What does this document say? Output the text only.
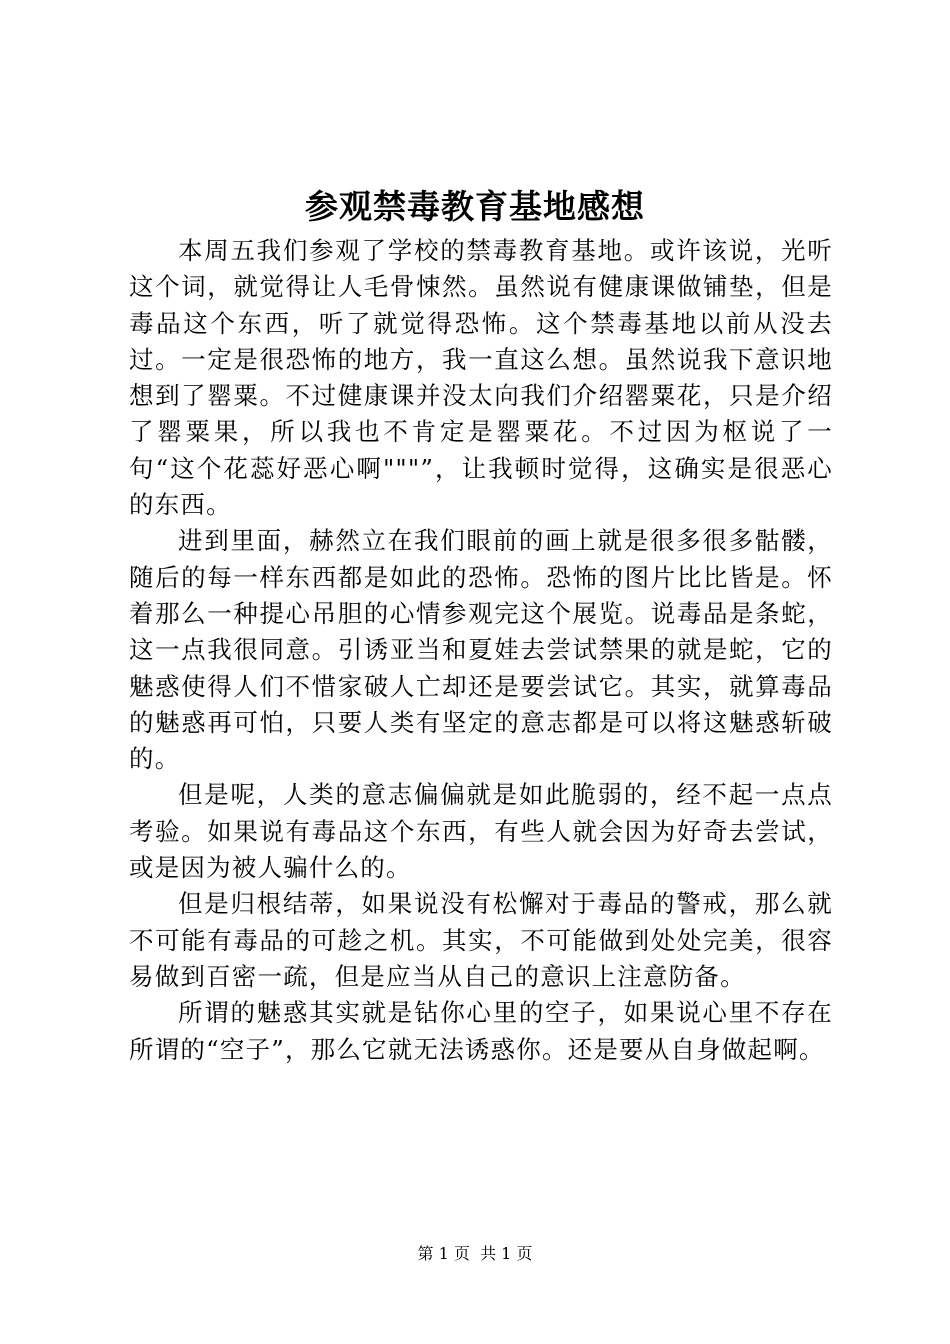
参观禁毒教育基地感想

本周五我们参观了学校的禁毒教育基地。或许该说，光听这个词，就觉得让人毛骨悚然。虽然说有健康课做铺垫，但是毒品这个东西，听了就觉得恐怖。这个禁毒基地以前从没去过。一定是很恐怖的地方，我一直这么想。虽然说我下意识地想到了罂粟。不过健康课并没太向我们介绍罂粟花，只是介绍了罂粟果，所以我也不肯定是罂粟花。不过因为枢说了一句“这个花蕊好恶心啊"""”，让我顿时觉得，这确实是很恶心的东西。

进到里面，赫然立在我们眼前的画上就是很多很多骷髅，随后的每一样东西都是如此的恐怖。恐怖的图片比比皆是。怀着那么一种提心吊胆的心情参观完这个展览。说毒品是条蛇，这一点我很同意。引诱亚当和夏娃去尝试禁果的就是蛇，它的魅惑使得人们不惜家破人亡却还是要尝试它。其实，就算毒品的魅惑再可怕，只要人类有坚定的意志都是可以将这魅惑斩破的。

但是呢，人类的意志偏偏就是如此脆弱的，经不起一点点考验。如果说有毒品这个东西，有些人就会因为好奇去尝试，或是因为被人骗什么的。

但是归根结蒂，如果说没有松懈对于毒品的警戒，那么就不可能有毒品的可趁之机。其实，不可能做到处处完美，很容易做到百密一疏，但是应当从自己的意识上注意防备。

所谓的魅惑其实就是钻你心里的空子，如果说心里不存在所谓的“空子”，那么它就无法诱惑你。还是要从自身做起啊。

第 1 页 共 1 页
